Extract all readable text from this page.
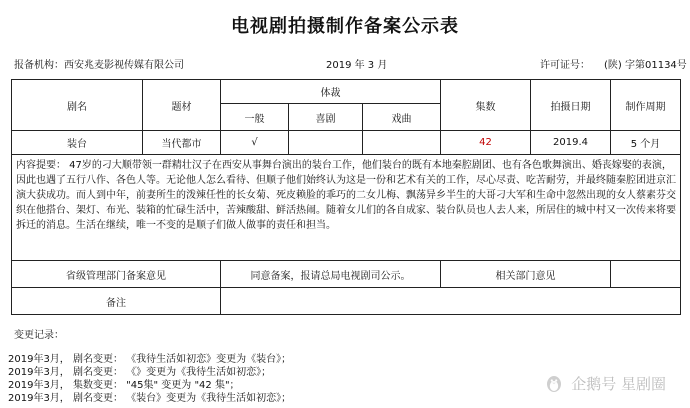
电视剧拍摄制作备案公示表
报备机构：西安兆麦影视传媒有限公司	2019 年 3 月	许可证号： (陕) 字第01134号
剧名	题材	体裁			集数	拍摄日期	制作周期
		一般	喜剧	戏曲			
装台	当代都市	√			42	2019.4	5 个月
内容提要： 47岁的刁大顺带领一群精壮汉子在西安从事舞台演出的装台工作，他们装台的既有本地秦腔剧团、也有各色歌舞演出、婚丧嫁娶的表演，因此也遇了五行八作、各色人等。无论他人怎么看待、但顺子他们始终认为这是一份和艺术有关的工作，尽心尽责、吃苦耐劳，并最终随秦腔团进京汇演大获成功。而人到中年，前妻所生的泼辣任性的长女菊、死皮赖脸的乖巧的二女儿梅、飘荡异乡半生的大哥刁大军和生命中忽然出现的女人蔡素芬交织在他搭台、架灯、布光、装箱的忙碌生活中，苦辣酸甜、鲜活热闹。随着女儿们的各自成家、装台队员也人去人来，所居住的城中村又一次传来将要拆迁的消息。生活在继续，唯一不变的是顺子们做人做事的责任和担当。							
省级管理部门备案意见		同意备案，报请总局电视剧司公示。			相关部门意见		
备注							
变更记录：
2019年3月， 剧名变更： 《我待生活如初恋》变更为《装台》；
2019年3月， 剧名变更： 《》变更为《我待生活如初恋》；
2019年3月， 集数变更： "45集" 变更为 "42 集"；
2019年3月， 剧名变更： 《装台》变更为《我待生活如初恋》；
企鹅号 星剧圈
